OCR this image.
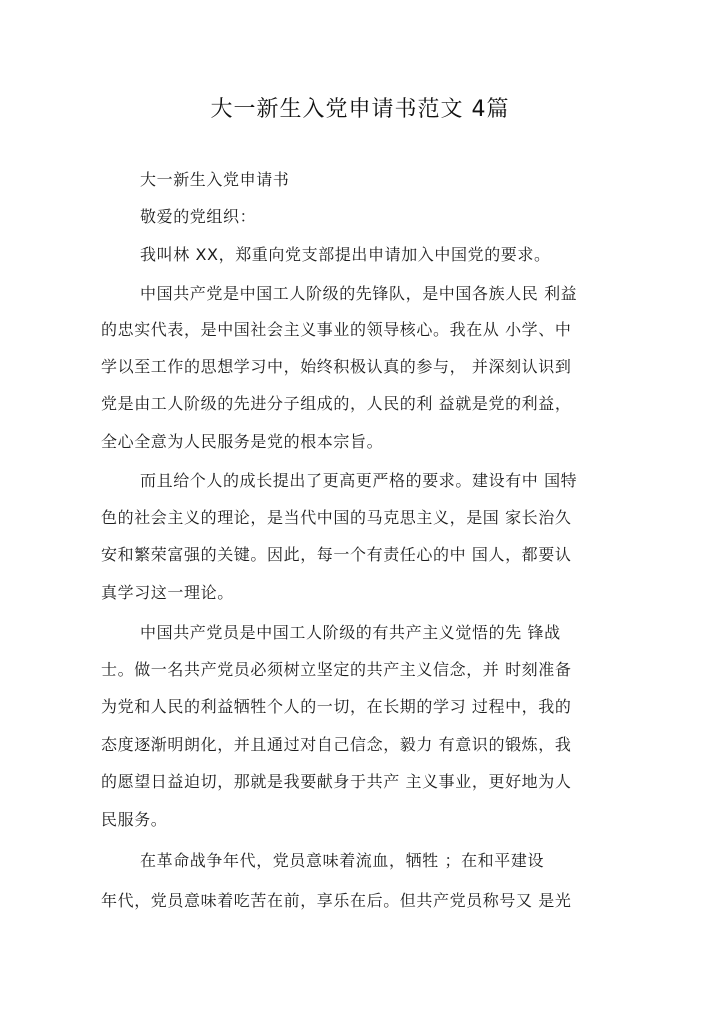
大一新生入党申请书范文 4篇
大一新生入党申请书
敬爱的党组织：
我叫林 XX，郑重向党支部提出申请加入中国党的要求。
中国共产党是中国工人阶级的先锋队，是中国各族人民 利益
的忠实代表，是中国社会主义事业的领导核心。我在从 小学、中
学以至工作的思想学习中，始终积极认真的参与， 并深刻认识到
党是由工人阶级的先进分子组成的，人民的利 益就是党的利益，
全心全意为人民服务是党的根本宗旨。
而且给个人的成长提出了更高更严格的要求。建设有中 国特
色的社会主义的理论，是当代中国的马克思主义，是国 家长治久
安和繁荣富强的关键。因此，每一个有责任心的中 国人，都要认
真学习这一理论。
中国共产党员是中国工人阶级的有共产主义觉悟的先 锋战
士。做一名共产党员必须树立坚定的共产主义信念，并 时刻准备
为党和人民的利益牺牲个人的一切，在长期的学习 过程中，我的
态度逐渐明朗化，并且通过对自己信念，毅力 有意识的锻炼，我
的愿望日益迫切，那就是我要献身于共产 主义事业，更好地为人
民服务。
在革命战争年代，党员意味着流血，牺牲 ；在和平建设
年代，党员意味着吃苦在前，享乐在后。但共产党员称号又 是光
